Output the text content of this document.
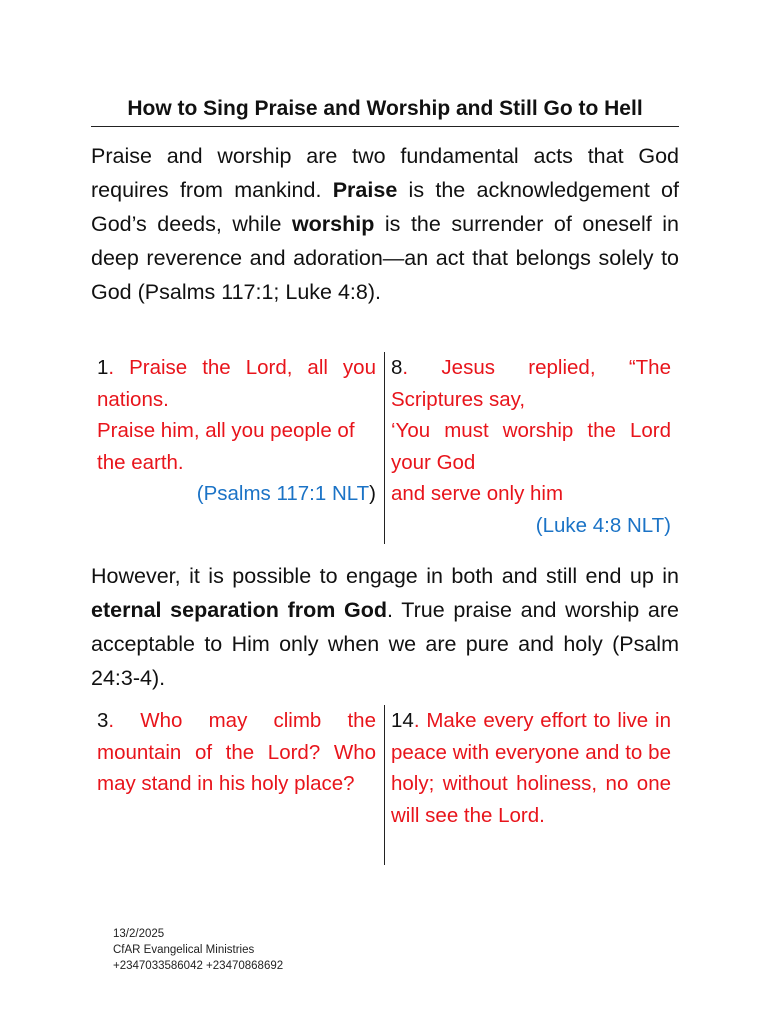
How to Sing Praise and Worship and Still Go to Hell

Praise and worship are two fundamental acts that God requires from mankind. Praise is the acknowledgement of God’s deeds, while worship is the surrender of oneself in deep reverence and adoration—an act that belongs solely to God (Psalms 117:1; Luke 4:8).

1. Praise the Lord, all you nations.
Praise him, all you people of the earth.
(Psalms 117:1 NLT)
8. Jesus replied, “The Scriptures say,
‘You must worship the Lord your God
and serve only him
(Luke 4:8 NLT)

However, it is possible to engage in both and still end up in eternal separation from God. True praise and worship are acceptable to Him only when we are pure and holy (Psalm 24:3-4).

3. Who may climb the mountain of the Lord? Who may stand in his holy place?
14. Make every effort to live in peace with everyone and to be holy; without holiness, no one will see the Lord.
13/2/2025
CfAR Evangelical Ministries
+2347033586042 +23470868692
